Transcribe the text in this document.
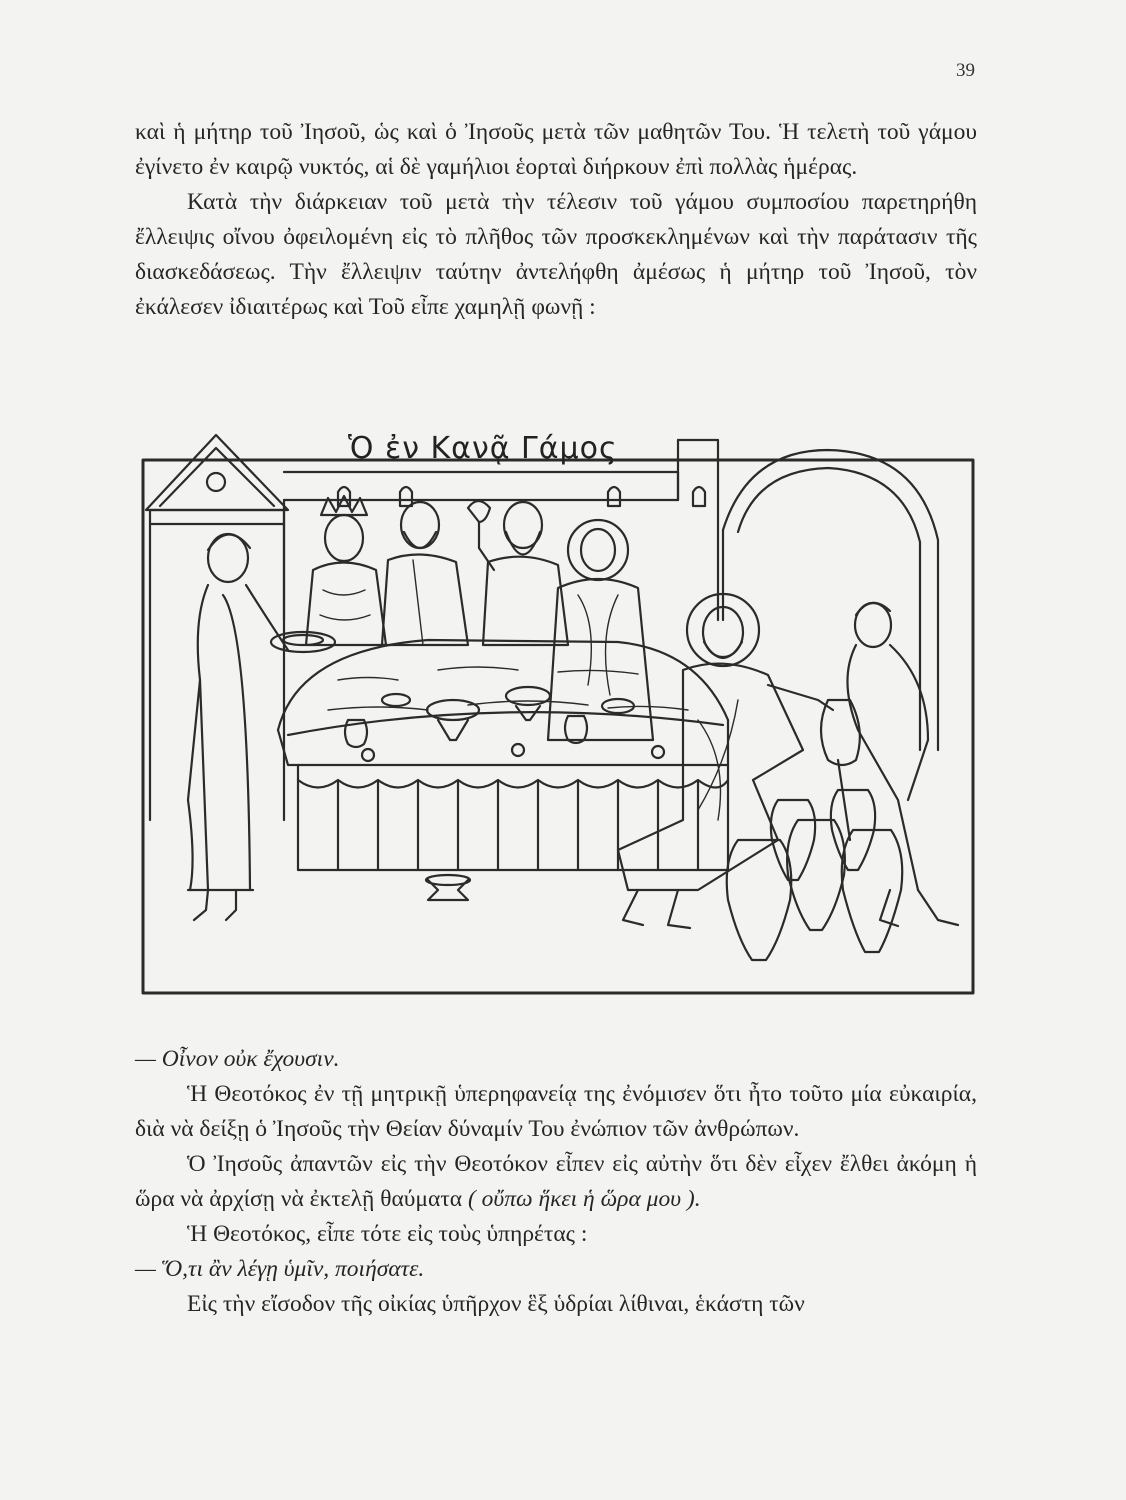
39

καὶ ἡ μήτηρ τοῦ Ἰησοῦ, ὡς καὶ ὁ Ἰησοῦς μετὰ τῶν μαθητῶν Του. Ἡ τελετὴ τοῦ γάμου ἐγίνετο ἐν καιρῷ νυκτός, αἱ δὲ γαμήλιοι ἑορταὶ διήρκουν ἐπὶ πολλὰς ἡμέρας.

Κατὰ τὴν διάρκειαν τοῦ μετὰ τὴν τέλεσιν τοῦ γάμου συμποσίου παρετηρήθη ἔλλειψις οἴνου ὀφειλομένη εἰς τὸ πλῆθος τῶν προσκεκλημένων καὶ τὴν παράτασιν τῆς διασκεδάσεως. Τὴν ἔλλειψιν ταύτην ἀντελήφθη ἀμέσως ἡ μήτηρ τοῦ Ἰησοῦ, τὸν ἐκάλεσεν ἰδιαιτέρως καὶ Τοῦ εἶπε χαμηλῇ φωνῇ :

Ὁ ἐν Κανᾷ Γάμος

— Οἶνον οὐκ ἔχουσιν.

Ἡ Θεοτόκος ἐν τῇ μητρικῇ ὑπερηφανείᾳ της ἐνόμισεν ὅτι ἦτο τοῦτο μία εὐκαιρία, διὰ νὰ δείξῃ ὁ Ἰησοῦς τὴν Θείαν δύναμίν Του ἐνώπιον τῶν ἀνθρώπων.

Ὁ Ἰησοῦς ἀπαντῶν εἰς τὴν Θεοτόκον εἶπεν εἰς αὐτὴν ὅτι δὲν εἶχεν ἔλθει ἀκόμη ἡ ὥρα νὰ ἀρχίσῃ νὰ ἐκτελῇ θαύματα ( οὔπω ἥκει ἡ ὥρα μου ).

Ἡ Θεοτόκος, εἶπε τότε εἰς τοὺς ὑπηρέτας :

— Ὅ,τι ἂν λέγῃ ὑμῖν, ποιήσατε.

Εἰς τὴν εἴσοδον τῆς οἰκίας ὑπῆρχον ἓξ ὑδρίαι λίθιναι, ἑκάστη τῶν
